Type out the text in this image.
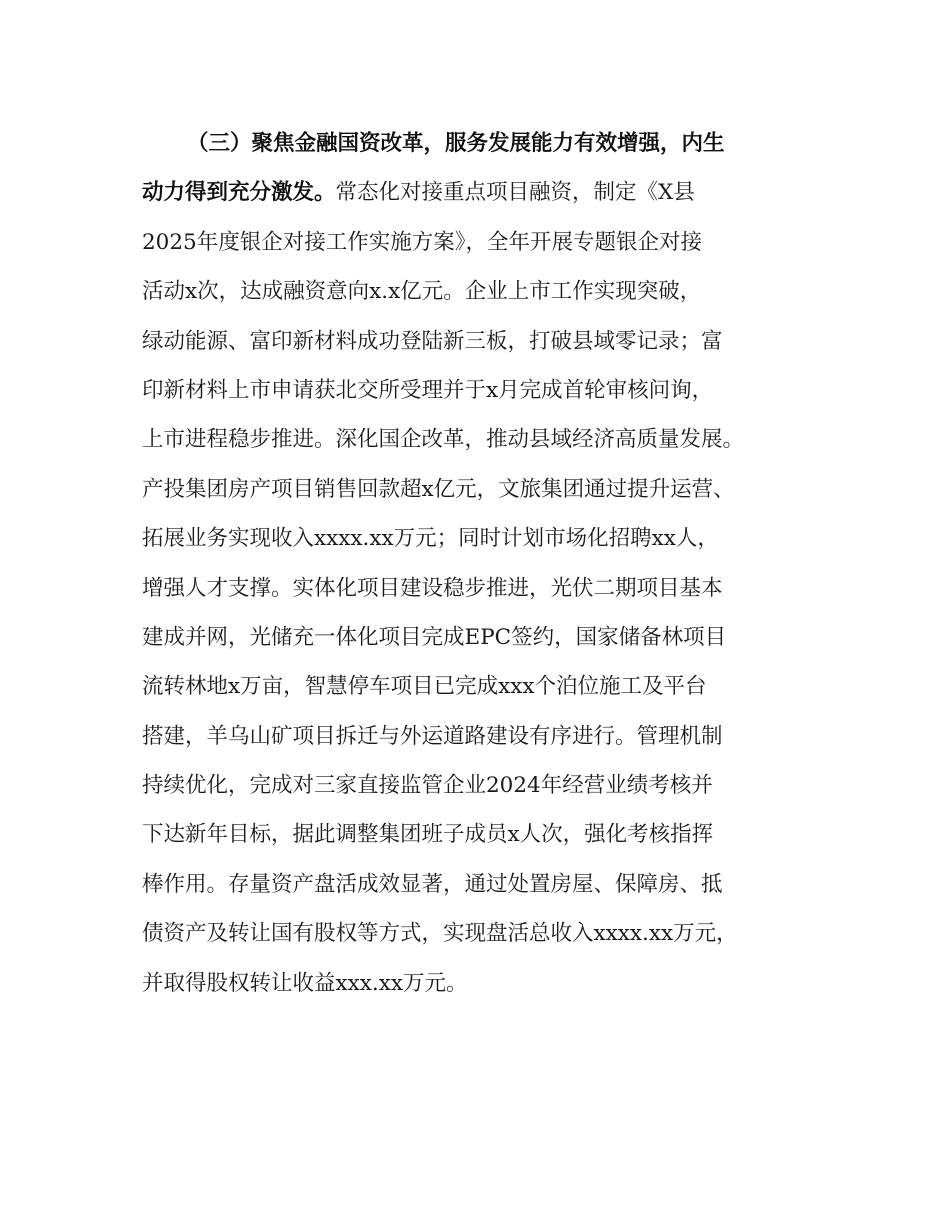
（三）聚焦金融国资改革，服务发展能力有效增强，内生
动力得到充分激发。常态化对接重点项目融资，制定《X县
2025年度银企对接工作实施方案》，全年开展专题银企对接
活动x次，达成融资意向x.x亿元。企业上市工作实现突破，
绿动能源、富印新材料成功登陆新三板，打破县域零记录；富
印新材料上市申请获北交所受理并于x月完成首轮审核问询，
上市进程稳步推进。深化国企改革，推动县域经济高质量发展。
产投集团房产项目销售回款超x亿元，文旅集团通过提升运营、
拓展业务实现收入xxxx.xx万元；同时计划市场化招聘xx人，
增强人才支撑。实体化项目建设稳步推进，光伏二期项目基本
建成并网，光储充一体化项目完成EPC签约，国家储备林项目
流转林地x万亩，智慧停车项目已完成xxx个泊位施工及平台
搭建，羊乌山矿项目拆迁与外运道路建设有序进行。管理机制
持续优化，完成对三家直接监管企业2024年经营业绩考核并
下达新年目标，据此调整集团班子成员x人次，强化考核指挥
棒作用。存量资产盘活成效显著，通过处置房屋、保障房、抵
债资产及转让国有股权等方式，实现盘活总收入xxxx.xx万元，
并取得股权转让收益xxx.xx万元。
